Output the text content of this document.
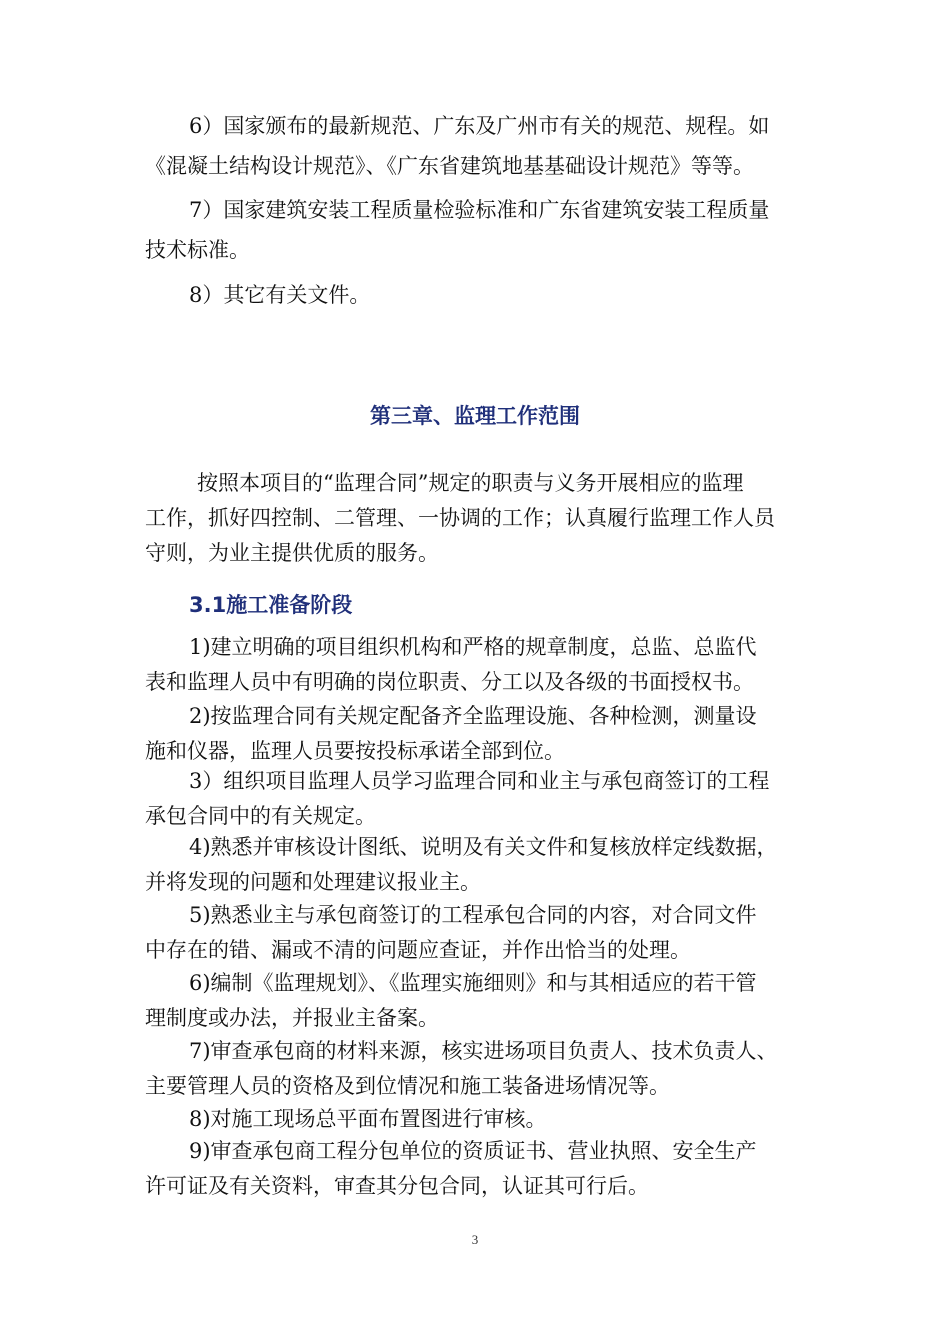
6）国家颁布的最新规范、广东及广州市有关的规范、规程。如
《混凝土结构设计规范》、《广东省建筑地基基础设计规范》等等。

7）国家建筑安装工程质量检验标准和广东省建筑安装工程质量
技术标准。

8）其它有关文件。

第三章、监理工作范围

按照本项目的“监理合同”规定的职责与义务开展相应的监理
工作，抓好四控制、二管理、一协调的工作；认真履行监理工作人员
守则，为业主提供优质的服务。

3.1施工准备阶段

1)建立明确的项目组织机构和严格的规章制度，总监、总监代
表和监理人员中有明确的岗位职责、分工以及各级的书面授权书。

2)按监理合同有关规定配备齐全监理设施、各种检测，测量设
施和仪器，监理人员要按投标承诺全部到位。

3）组织项目监理人员学习监理合同和业主与承包商签订的工程
承包合同中的有关规定。

4)熟悉并审核设计图纸、说明及有关文件和复核放样定线数据，
并将发现的问题和处理建议报业主。

5)熟悉业主与承包商签订的工程承包合同的内容，对合同文件
中存在的错、漏或不清的问题应查证，并作出恰当的处理。

6)编制《监理规划》、《监理实施细则》和与其相适应的若干管
理制度或办法，并报业主备案。

7)审查承包商的材料来源，核实进场项目负责人、技术负责人、
主要管理人员的资格及到位情况和施工装备进场情况等。

8)对施工现场总平面布置图进行审核。

9)审查承包商工程分包单位的资质证书、营业执照、安全生产
许可证及有关资料，审查其分包合同，认证其可行后。

3
